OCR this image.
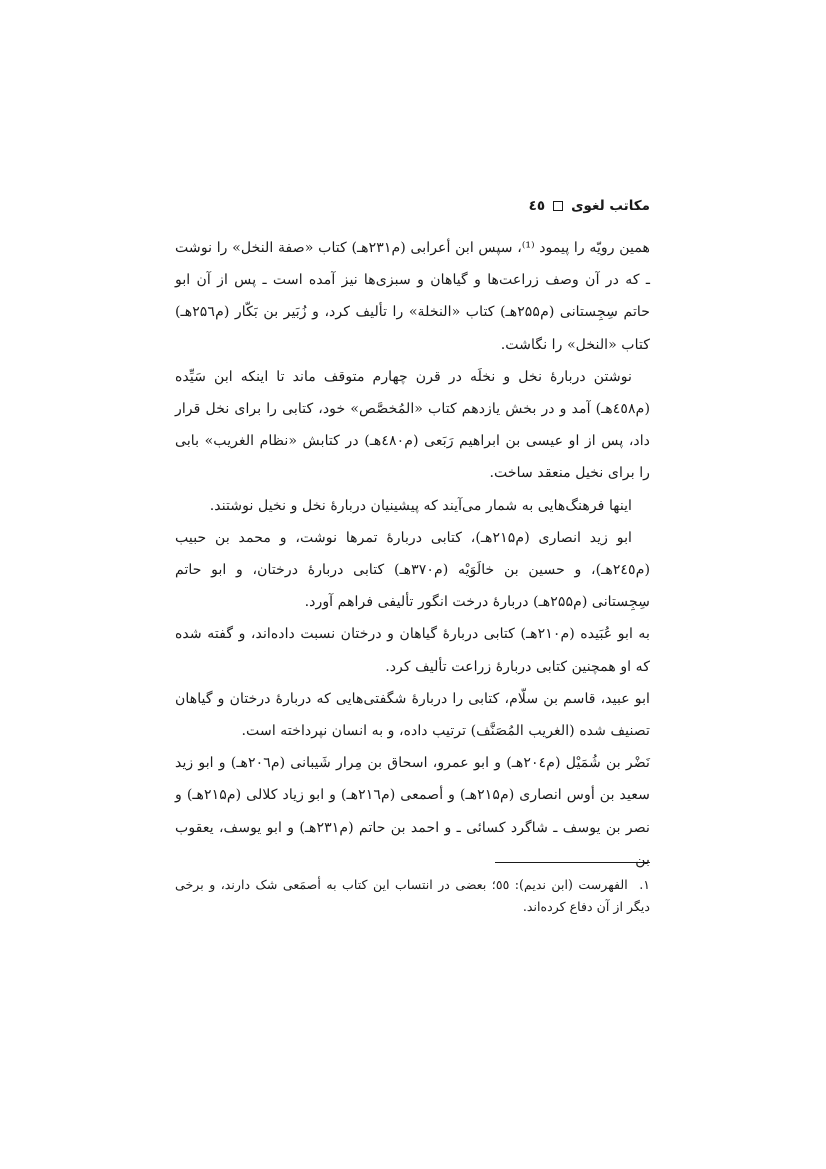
مکاتب لغوی
٤٥

همین رویّه را پیمود ⁽¹⁾، سپس ابن أعرابی (م۲۳۱هـ) کتاب «صفة النخل» را نوشت ـ که در آن وصف زراعت‌ها و گیاهان و سبزی‌ها نیز آمده است ـ پس از آن ابو حاتم سِجِستانی (م۲۵۵هـ) کتاب «النخلة» را تألیف کرد، و زُبَیر بن بَکّار (م۲۵٦هـ) کتاب «النخل» را نگاشت.

نوشتن دربارهٔ نخل و نخلَه در قرن چهارم متوقف ماند تا اینکه ابن سَیِّده (م٤٥٨هـ) آمد و در بخش یازدهم کتاب «المُخصَّص» خود، کتابی را برای نخل قرار داد، پس از او عیسی بن ابراهیم رَبَعی (م٤۸۰هـ) در کتابش «نظام الغریب» بابی را برای نخیل منعقد ساخت.

اینها فرهنگ‌هایی به شمار می‌آیند که پیشینیان دربارهٔ نخل و نخیل نوشتند.

ابو زید انصاری (م۲۱۵هـ)، کتابی دربارهٔ تمرها نوشت، و محمد بن حبیب (م۲٤٥هـ)، و حسین بن خالَوَیْه (م۳۷۰هـ) کتابی دربارهٔ درختان، و ابو حاتم سِجِستانی (م۲۵۵هـ) دربارهٔ درخت انگور تألیفی فراهم آورد.

به ابو عُبَیده (م۲۱۰هـ) کتابی دربارهٔ گیاهان و درختان نسبت داده‌اند، و گفته شده که او همچنین کتابی دربارهٔ زراعت تألیف کرد.

ابو عبید، قاسم بن سلّام، کتابی را دربارهٔ شگفتی‌هایی که دربارهٔ درختان و گیاهان تصنیف شده (الغریب المُصَنَّف) ترتیب داده، و به انسان نپرداخته است.

نَضْر بن شُمَیْل (م۲۰٤هـ) و ابو عمرو، اسحاق بن مِرار شَیبانی (م۲۰٦هـ) و ابو زید سعید بن أوس انصاری (م۲۱۵هـ) و أصمعی (م۲۱٦هـ) و ابو زیاد کلالی (م۲۱۵هـ) و نصر بن یوسف ـ شاگرد کسائی ـ و احمد بن حاتم (م۲۳۱هـ) و ابو یوسف، یعقوب بن

۱. الفهرست (ابن ندیم): ٥٥؛ بعضی در انتساب این کتاب به أصمَعی شک دارند، و برخی دیگر از آن دفاع کرده‌اند.
